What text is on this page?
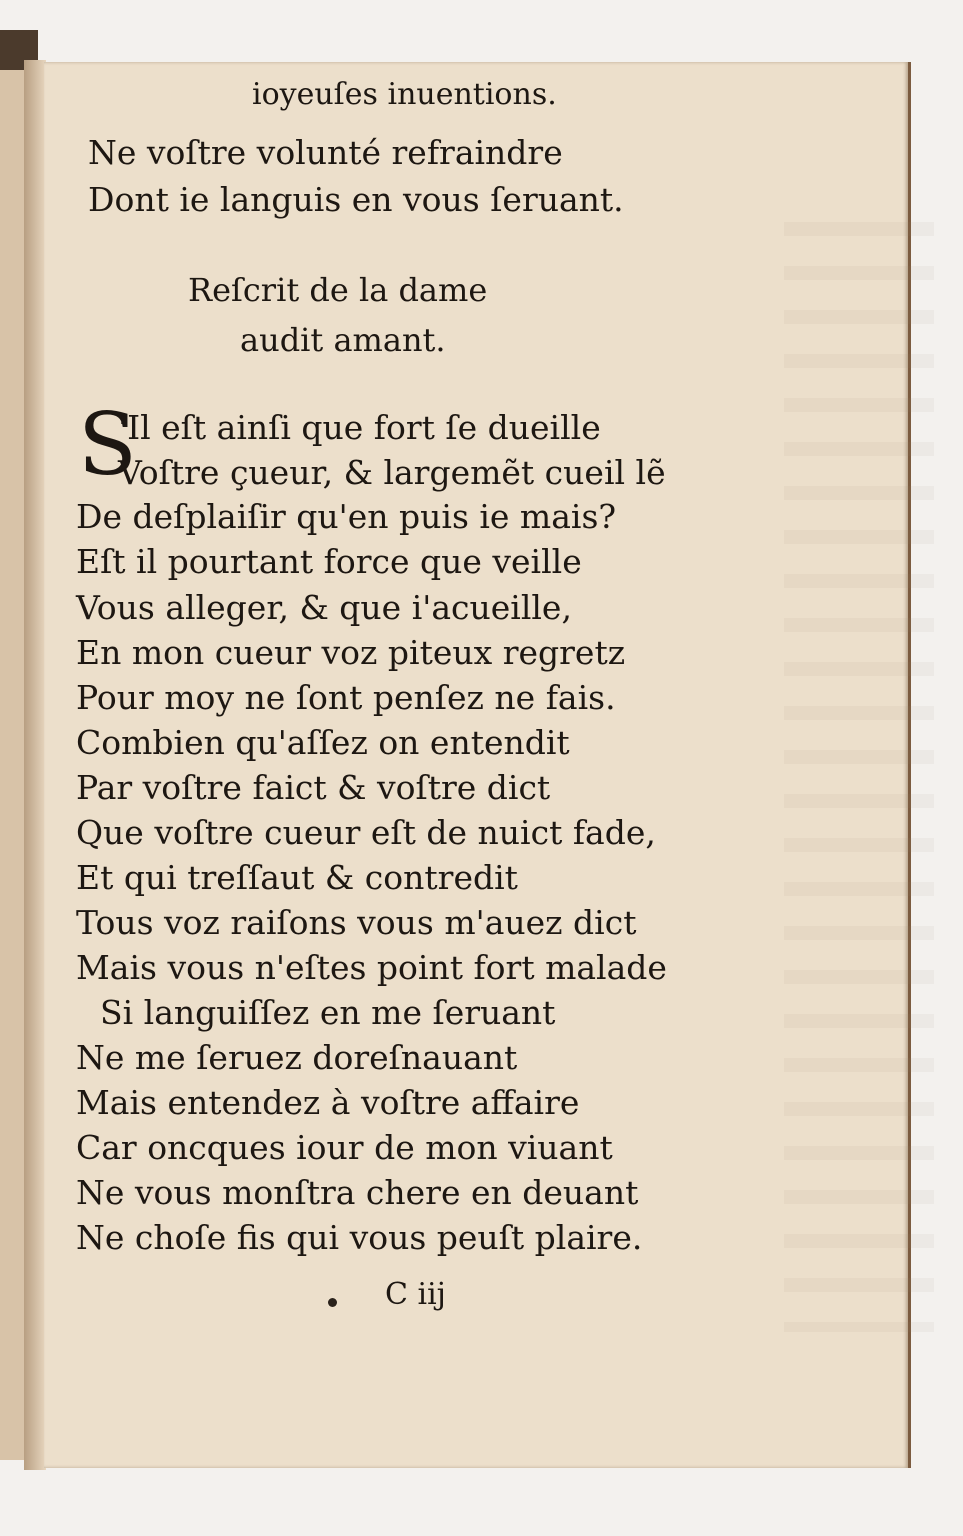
ioyeuſes inuentions.

Ne voſtre volunté refraindre

Dont ie languis en vous ſeruant.

Reſcrit de la dame

audit amant.

S

'Il eſt ainſi que fort ſe dueille

Voſtre çueur, & largemẽt cueil lẽ

De deſplaiſir qu'en puis ie mais?

Eſt il pourtant force que veille

Vous alleger, & que i'acueille,

En mon cueur voz piteux regretz

Pour moy ne ſont penſez ne fais.

Combien qu'aſſez on entendit

Par voſtre faict & voſtre dict

Que voſtre cueur eſt de nuict fade,

Et qui treſſaut & contredit

Tous voz raiſons vous m'auez dict

Mais vous n'eſtes point fort malade

Si languiſſez en me ſeruant

Ne me ſeruez doreſnauant

Mais entendez à voſtre affaire

Car oncques iour de mon viuant

Ne vous monſtra chere en deuant

Ne choſe fis qui vous peuſt plaire.

C iij
